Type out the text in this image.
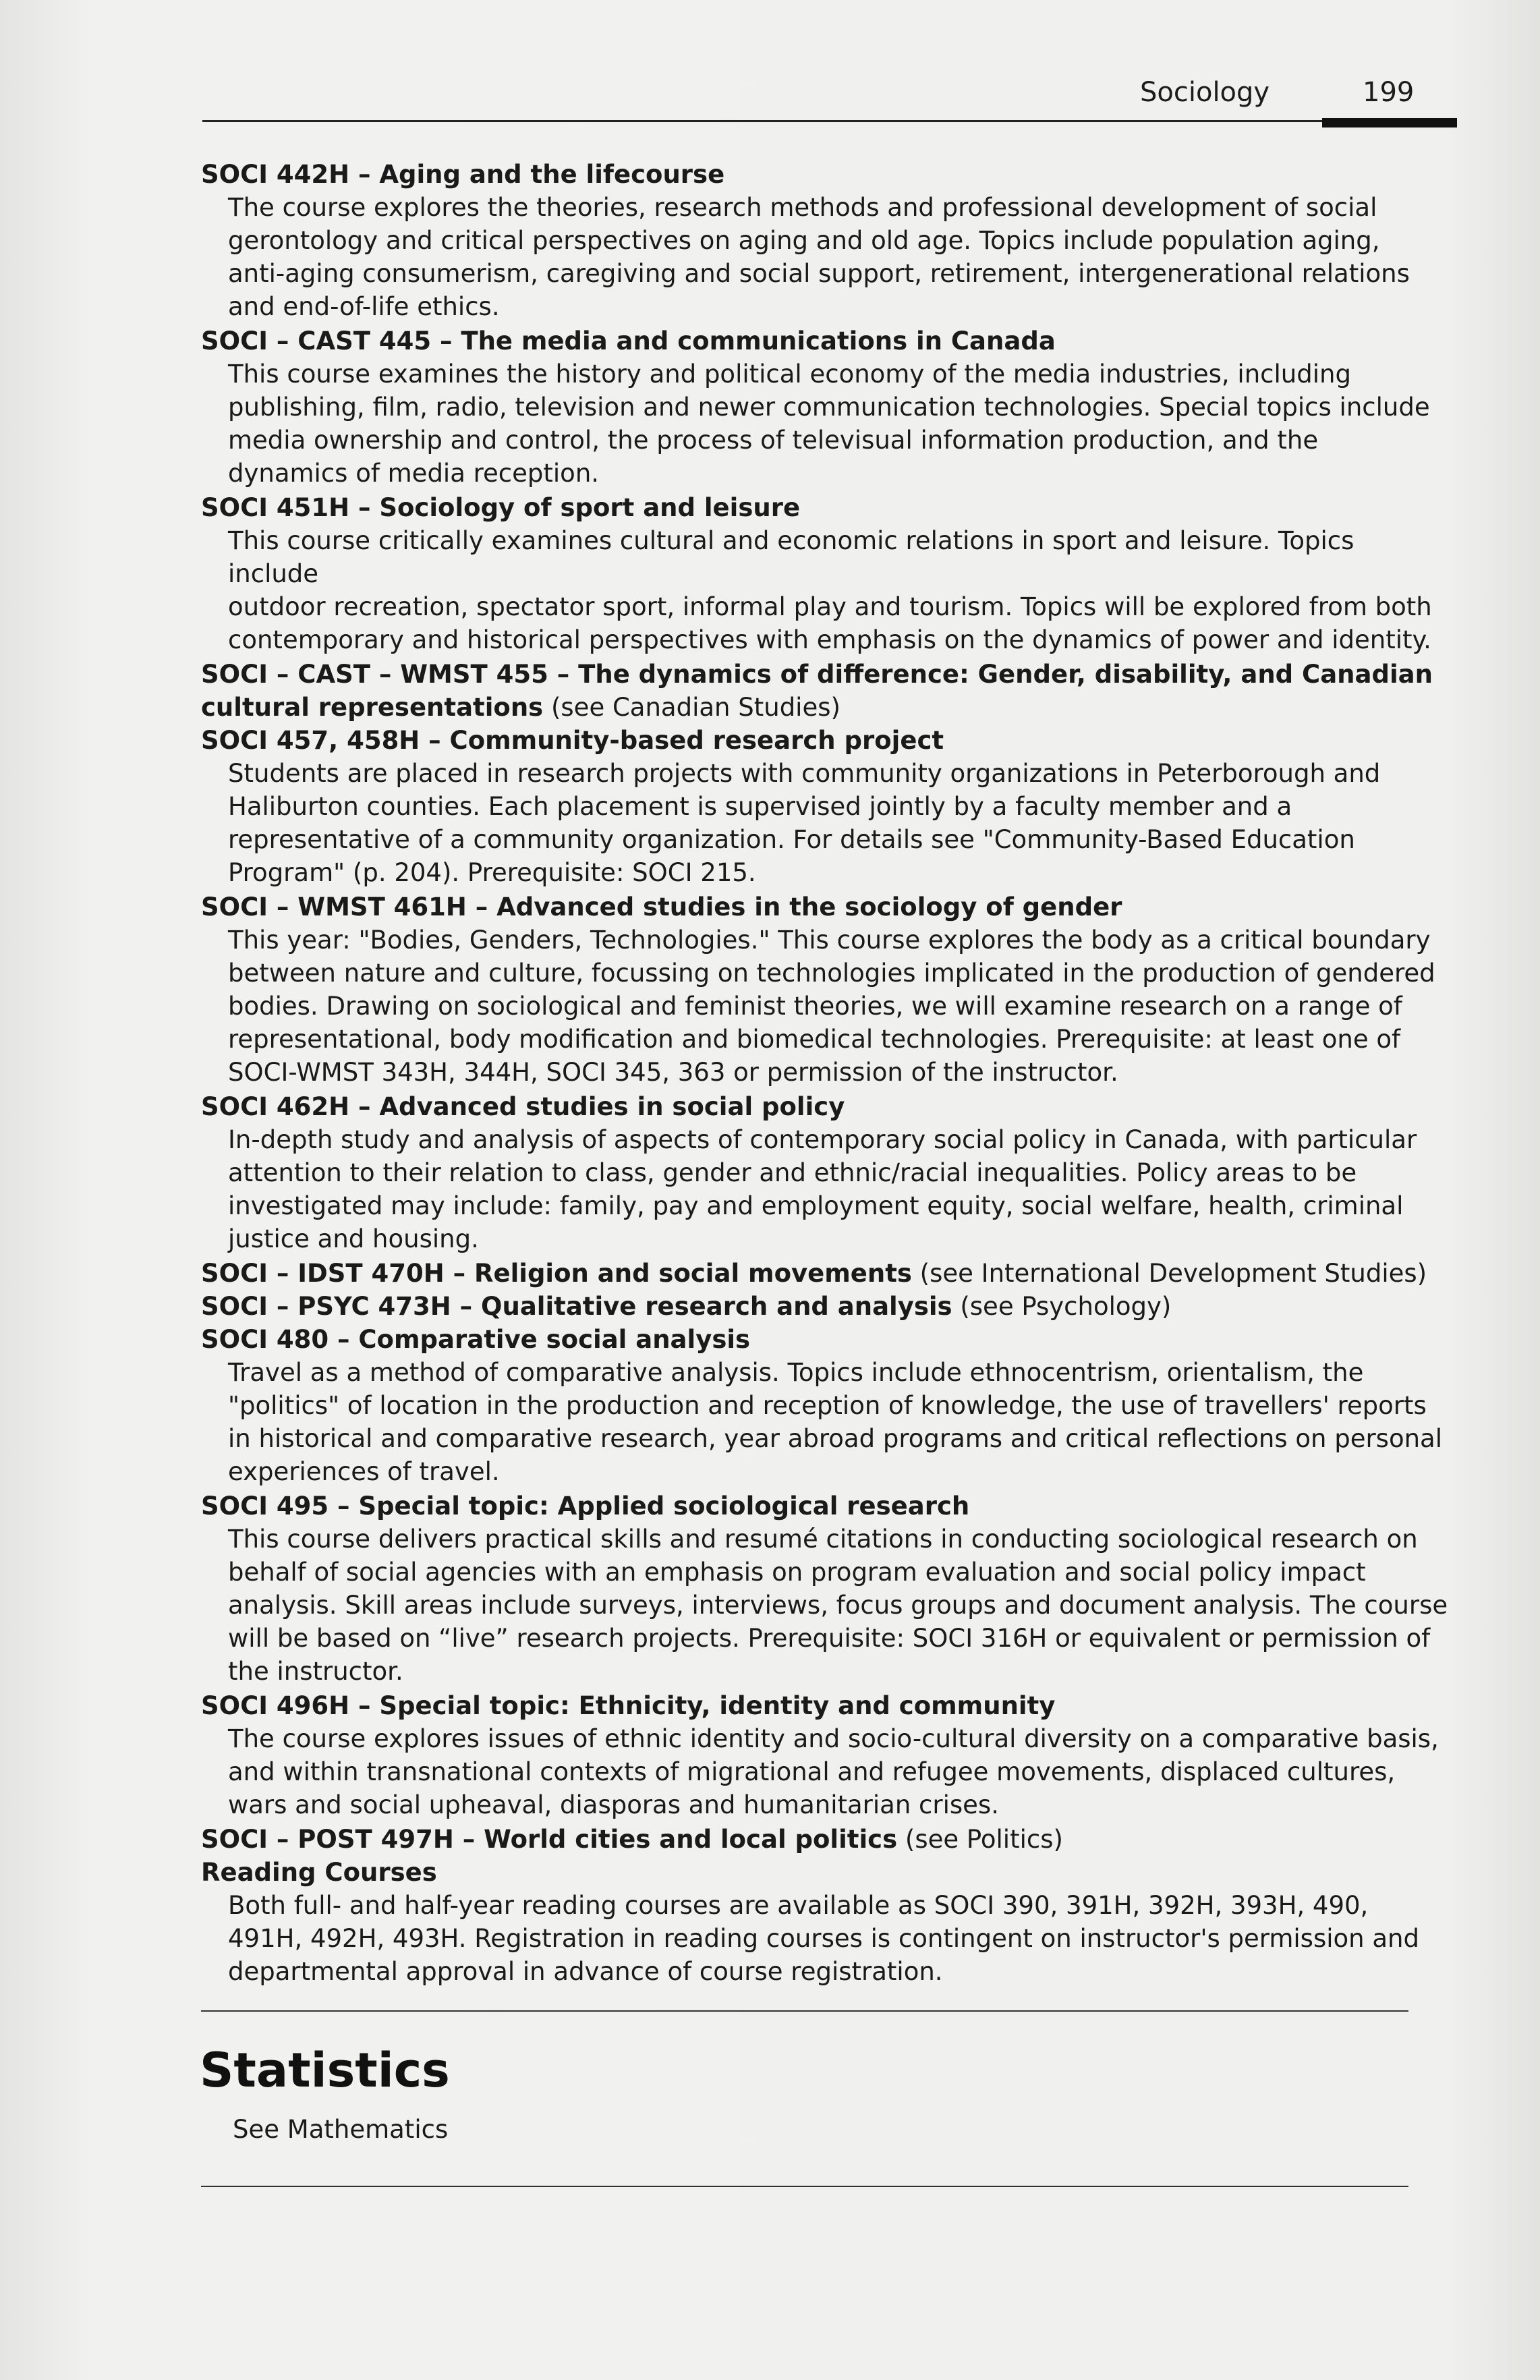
Sociology	199
SOCI 442H – Aging and the lifecourse
The course explores the theories, research methods and professional development of social
gerontology and critical perspectives on aging and old age. Topics include population aging,
anti-aging consumerism, caregiving and social support, retirement, intergenerational relations
and end-of-life ethics.
SOCI – CAST 445 – The media and communications in Canada
This course examines the history and political economy of the media industries, including
publishing, film, radio, television and newer communication technologies. Special topics include
media ownership and control, the process of televisual information production, and the
dynamics of media reception.
SOCI 451H – Sociology of sport and leisure
This course critically examines cultural and economic relations in sport and leisure. Topics include
outdoor recreation, spectator sport, informal play and tourism. Topics will be explored from both
contemporary and historical perspectives with emphasis on the dynamics of power and identity.
SOCI – CAST – WMST 455 – The dynamics of difference: Gender, disability, and Canadian cultural representations (see Canadian Studies)
SOCI 457, 458H – Community-based research project
Students are placed in research projects with community organizations in Peterborough and
Haliburton counties. Each placement is supervised jointly by a faculty member and a
representative of a community organization. For details see "Community-Based Education
Program" (p. 204). Prerequisite: SOCI 215.
SOCI – WMST 461H – Advanced studies in the sociology of gender
This year: "Bodies, Genders, Technologies." This course explores the body as a critical boundary
between nature and culture, focussing on technologies implicated in the production of gendered
bodies. Drawing on sociological and feminist theories, we will examine research on a range of
representational, body modification and biomedical technologies. Prerequisite: at least one of
SOCI-WMST 343H, 344H, SOCI 345, 363 or permission of the instructor.
SOCI 462H – Advanced studies in social policy
In-depth study and analysis of aspects of contemporary social policy in Canada, with particular
attention to their relation to class, gender and ethnic/racial inequalities. Policy areas to be
investigated may include: family, pay and employment equity, social welfare, health, criminal
justice and housing.
SOCI – IDST 470H – Religion and social movements (see International Development Studies)
SOCI – PSYC 473H – Qualitative research and analysis (see Psychology)
SOCI 480 – Comparative social analysis
Travel as a method of comparative analysis. Topics include ethnocentrism, orientalism, the
"politics" of location in the production and reception of knowledge, the use of travellers' reports
in historical and comparative research, year abroad programs and critical reflections on personal
experiences of travel.
SOCI 495 – Special topic: Applied sociological research
This course delivers practical skills and resumé citations in conducting sociological research on
behalf of social agencies with an emphasis on program evaluation and social policy impact
analysis. Skill areas include surveys, interviews, focus groups and document analysis. The course
will be based on “live” research projects. Prerequisite: SOCI 316H or equivalent or permission of
the instructor.
SOCI 496H – Special topic: Ethnicity, identity and community
The course explores issues of ethnic identity and socio-cultural diversity on a comparative basis,
and within transnational contexts of migrational and refugee movements, displaced cultures,
wars and social upheaval, diasporas and humanitarian crises.
SOCI – POST 497H – World cities and local politics (see Politics)
Reading Courses
Both full- and half-year reading courses are available as SOCI 390, 391H, 392H, 393H, 490,
491H, 492H, 493H. Registration in reading courses is contingent on instructor's permission and
departmental approval in advance of course registration.
Statistics
See Mathematics
